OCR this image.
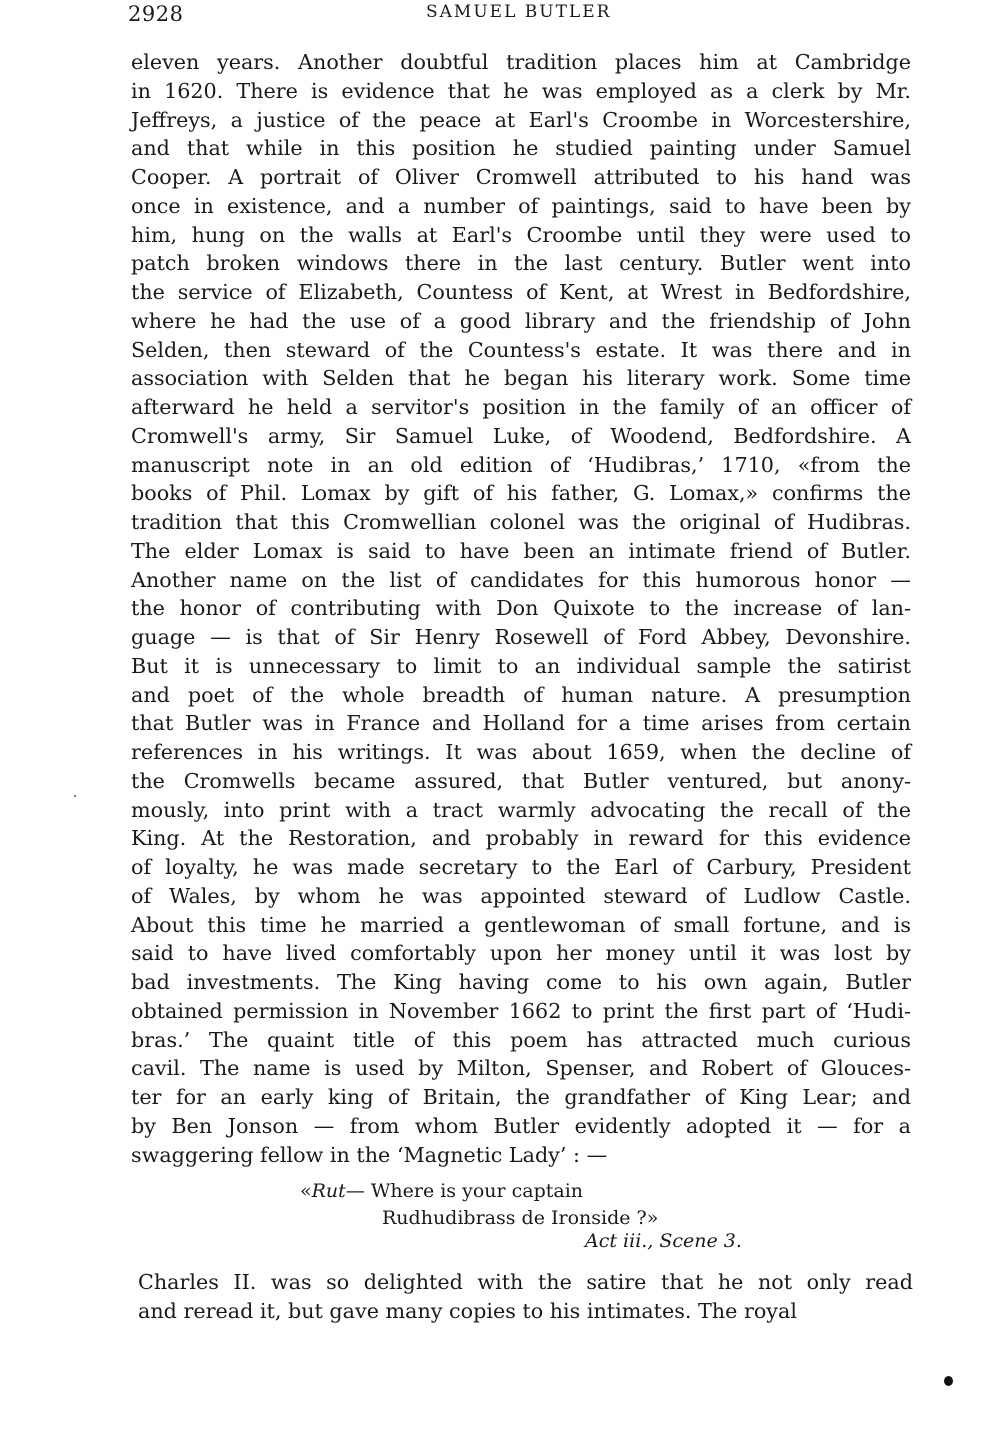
2928	SAMUEL BUTLER
eleven years. Another doubtful tradition places him at Cambridge
in 1620. There is evidence that he was employed as a clerk by Mr.
Jeffreys, a justice of the peace at Earl's Croombe in Worcestershire,
and that while in this position he studied painting under Samuel
Cooper. A portrait of Oliver Cromwell attributed to his hand was
once in existence, and a number of paintings, said to have been by
him, hung on the walls at Earl's Croombe until they were used to
patch broken windows there in the last century. Butler went into
the service of Elizabeth, Countess of Kent, at Wrest in Bedfordshire,
where he had the use of a good library and the friendship of John
Selden, then steward of the Countess's estate. It was there and in
association with Selden that he began his literary work. Some time
afterward he held a servitor's position in the family of an officer of
Cromwell's army, Sir Samuel Luke, of Woodend, Bedfordshire. A
manuscript note in an old edition of ‘Hudibras,’ 1710, «from the
books of Phil. Lomax by gift of his father, G. Lomax,» confirms the
tradition that this Cromwellian colonel was the original of Hudibras.
The elder Lomax is said to have been an intimate friend of Butler.
Another name on the list of candidates for this humorous honor —
the honor of contributing with Don Quixote to the increase of lan-
guage — is that of Sir Henry Rosewell of Ford Abbey, Devonshire.
But it is unnecessary to limit to an individual sample the satirist
and poet of the whole breadth of human nature. A presumption
that Butler was in France and Holland for a time arises from certain
references in his writings. It was about 1659, when the decline of
the Cromwells became assured, that Butler ventured, but anony-
mously, into print with a tract warmly advocating the recall of the
King. At the Restoration, and probably in reward for this evidence
of loyalty, he was made secretary to the Earl of Carbury, President
of Wales, by whom he was appointed steward of Ludlow Castle.
About this time he married a gentlewoman of small fortune, and is
said to have lived comfortably upon her money until it was lost by
bad investments. The King having come to his own again, Butler
obtained permission in November 1662 to print the first part of ‘Hudi-
bras.’ The quaint title of this poem has attracted much curious
cavil. The name is used by Milton, Spenser, and Robert of Glouces-
ter for an early king of Britain, the grandfather of King Lear; and
by Ben Jonson — from whom Butler evidently adopted it — for a
swaggering fellow in the ‘Magnetic Lady’ : —
«Rut— Where is your captain
Rudhudibrass de Ironside ?»
Act iii., Scene 3.
Charles II. was so delighted with the satire that he not only read
and reread it, but gave many copies to his intimates. The royal
